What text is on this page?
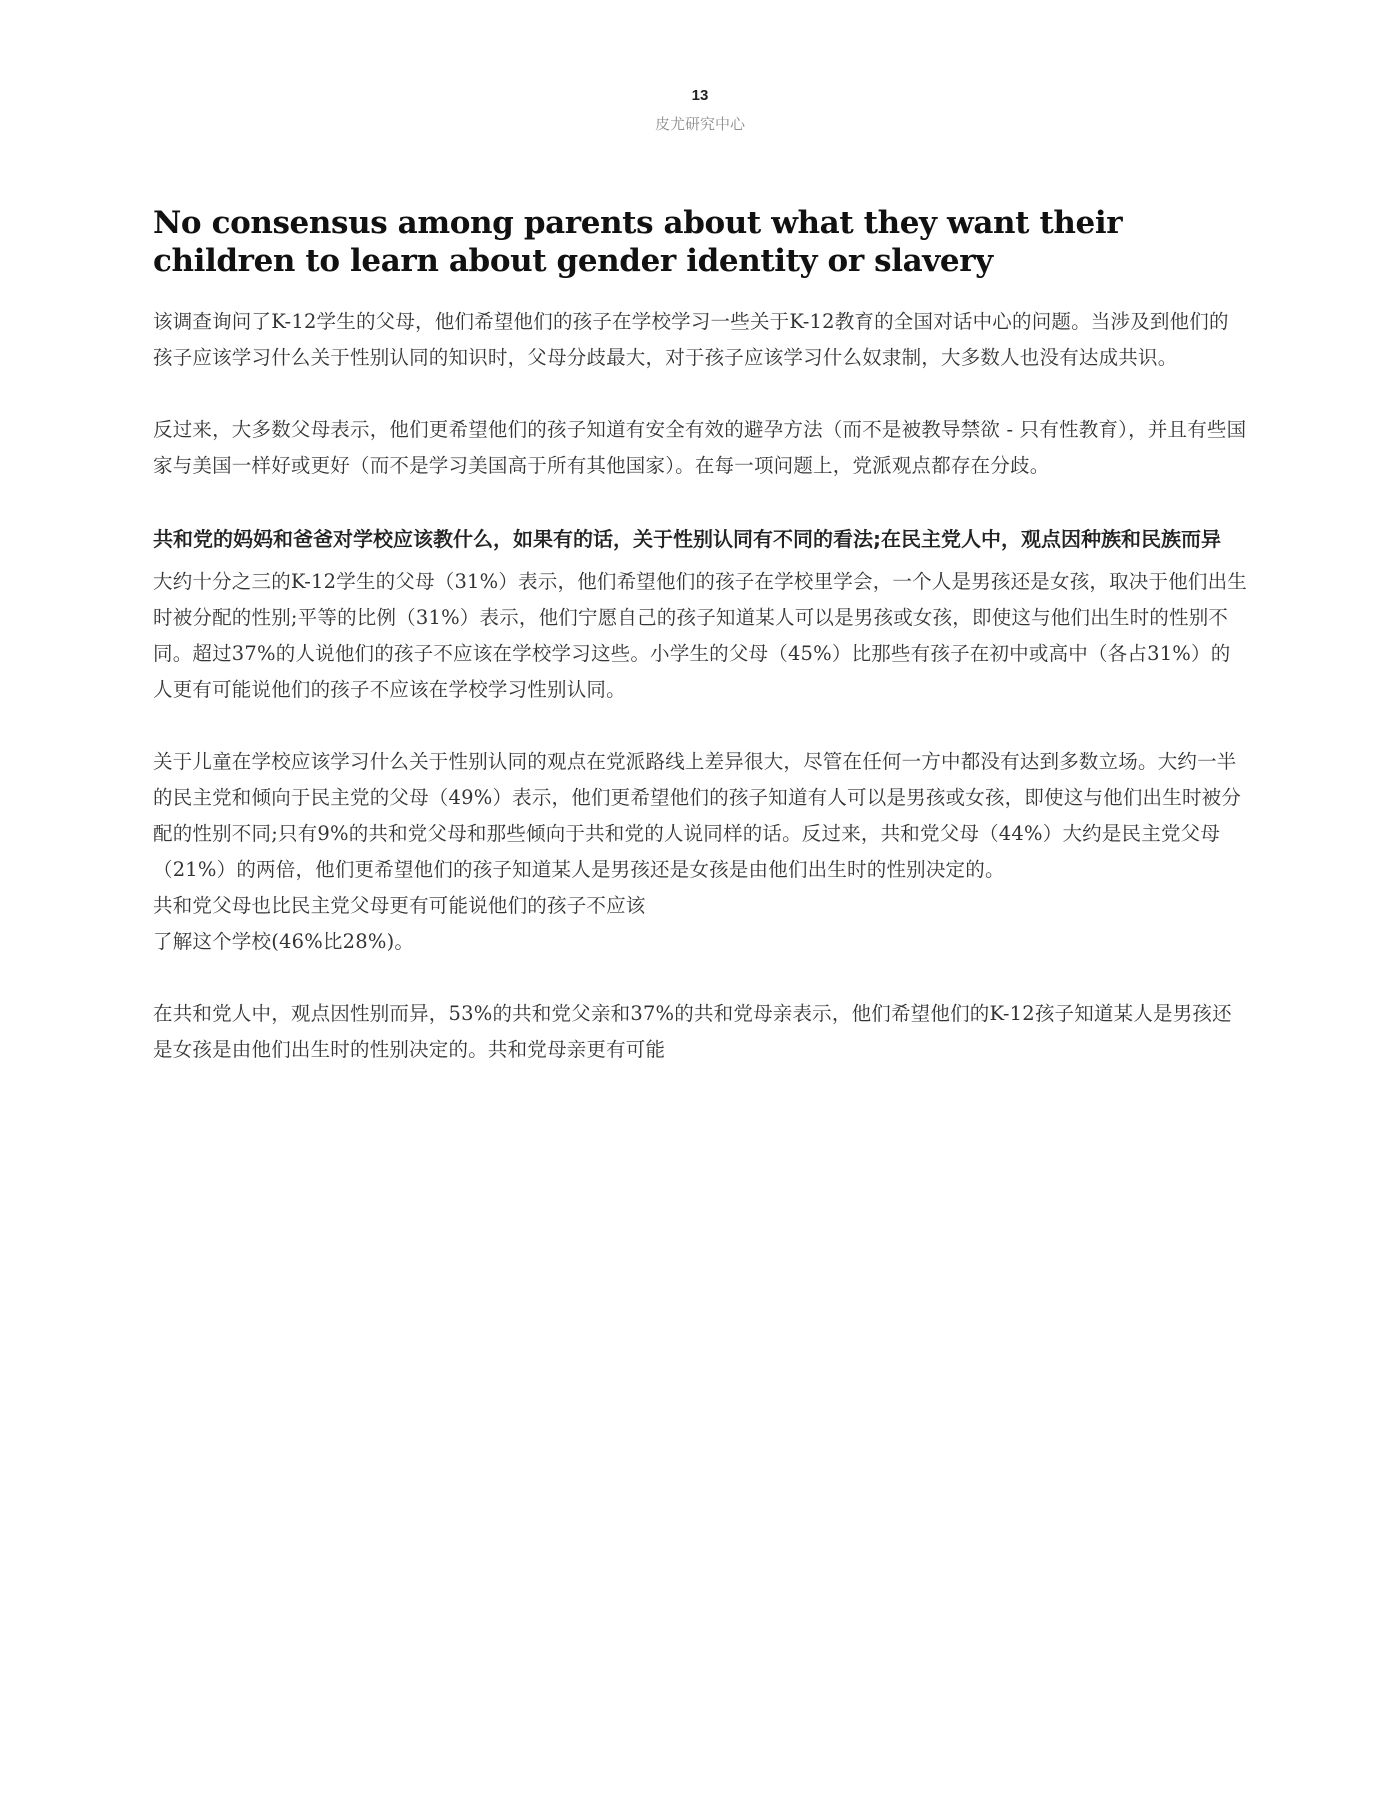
13
皮尤研究中心
No consensus among parents about what they want their children to learn about gender identity or slavery

该调查询问了K-12学生的父母，他们希望他们的孩子在学校学习一些关于K-12教育的全国对话中心的问题。当涉及到他们的孩子应该学习什么关于性别认同的知识时，父母分歧最大，对于孩子应该学习什么奴隶制，大多数人也没有达成共识。

反过来，大多数父母表示，他们更希望他们的孩子知道有安全有效的避孕方法（而不是被教导禁欲 - 只有性教育），并且有些国家与美国一样好或更好（而不是学习美国高于所有其他国家）。在每一项问题上，党派观点都存在分歧。

共和党的妈妈和爸爸对学校应该教什么，如果有的话，关于性别认同有不同的看法;在民主党人中，观点因种族和民族而异

大约十分之三的K-12学生的父母（31%）表示，他们希望他们的孩子在学校里学会，一个人是男孩还是女孩，取决于他们出生时被分配的性别;平等的比例（31%）表示，他们宁愿自己的孩子知道某人可以是男孩或女孩，即使这与他们出生时的性别不同。超过37%的人说他们的孩子不应该在学校学习这些。小学生的父母（45%）比那些有孩子在初中或高中（各占31%）的人更有可能说他们的孩子不应该在学校学习性别认同。

关于儿童在学校应该学习什么关于性别认同的观点在党派路线上差异很大，尽管在任何一方中都没有达到多数立场。大约一半的民主党和倾向于民主党的父母（49%）表示，他们更希望他们的孩子知道有人可以是男孩或女孩，即使这与他们出生时被分配的性别不同;只有9%的共和党父母和那些倾向于共和党的人说同样的话。反过来，共和党父母（44%）大约是民主党父母（21%）的两倍，他们更希望他们的孩子知道某人是男孩还是女孩是由他们出生时的性别决定的。
共和党父母也比民主党父母更有可能说他们的孩子不应该
了解这个学校(46%比28%)。

在共和党人中，观点因性别而异，53%的共和党父亲和37%的共和党母亲表示，他们希望他们的K-12孩子知道某人是男孩还是女孩是由他们出生时的性别决定的。共和党母亲更有可能
